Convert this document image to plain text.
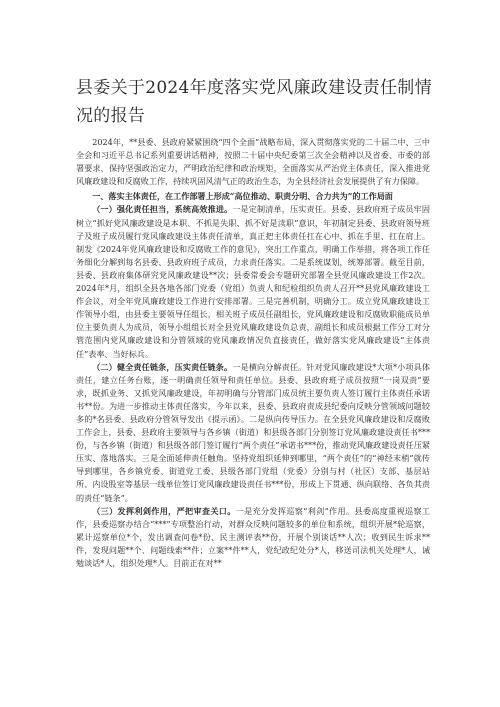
县委关于2024年度落实党风廉政建设责任制情况的报告

2024年，**县委、县政府紧紧围绕“四个全面”战略布局，深入贯彻落实党的二十届二中、三中全会和习近平总书记系列重要讲话精神，按照二十届中央纪委第三次全会精神以及省委、市委的部署要求，保持坚强政治定力，严明政治纪律和政治规矩，全面落实从严治党主体责任，深入推进党风廉政建设和反腐败工作，持续巩固风清气正的政治生态，为全县经济社会发展提供了有力保障。

一、落实主体责任，在工作部署上形成“高位推动、职责分明、合力共为”的工作局面

（一）强化责任担当，系统高效推进。一是定制清单，压实责任。县委、县政府班子成员牢固树立“抓好党风廉政建设是本职、不抓是失职、抓不好是渎职”意识，年初制定县委、县政府领导班子及班子成员履行党风廉政建设主体责任清单，真正把主体责任扛在心中、抓在手里、扛在肩上。制发《2024年党风廉政建设和反腐败工作的意见》，突出工作重点，明确工作举措，将各项工作任务细化分解到每名县委、县政府班子成员，力求责任落实。二是系统谋划，统筹部署。截至目前，县委、县政府集体研究党风廉政建设**次；县委常委会专题研究部署全县党风廉政建设工作2次。2024年*月，组织全县各地各部门党委（党组）负责人和纪检组织负责人召开**县党风廉政建设工作会议，对全年党风廉政建设工作进行安排部署。三是完善机制，明确分工。成立党风廉政建设工作领导小组，由县委主要领导任组长，相关班子成员任副组长，党风廉政建设和反腐败职能成员单位主要负责人为成员，领导小组组长对全县党风廉政建设负总责，副组长和成员根据工作分工对分管范围内党风廉政建设和分管领域的党风廉政情况负直接责任，做好落实党风廉政建设“主体责任”表率、当好标兵。

（二）健全责任链条，压实责任链条。一是横向分解责任。针对党风廉政建设*大项*小项具体责任，建立任务台账，逐一明确责任领导和责任单位。县委、县政府班子成员按照“一岗双责”要求，既抓业务、又抓党风廉政建设，年初明确与分管部门成员统主要负责人签订履行主体责任承诺书**份。为进一步推动主体责任落实，今年以来，县委、县政府责成县纪委向反映分管领域问题较多的*名县委、县政府分管领导发出《提示函》。二是纵向传导压力。在全县党风廉政建设和反腐败工作会上，县委、县政府主要领导与各乡镇（街道）和县级各部门分别签订党风廉政建设责任书***份，与各乡镇（街道）和县级各部门签订履行“两个责任”承诺书***份，推动党风廉政建设责任压紧压实、落地落实。三是全面延伸责任触角。坚持党组织延伸到哪里，“两个责任”的“神经末梢”就传导到哪里，各乡镇党委、街道党工委、县级各部门党组（党委）分别与村（社区）支部、基层站所、内设股室等基层一线单位签订党风廉政建设责任书***份，形成上下贯通、纵向联络、各负其责的责任“链条”。

（三）发挥利剑作用，严把审查关口。一是充分发挥巡察“利剑”作用。县委高度重视巡察工作，县委巡察办结合“***”专项整治行动，对群众反映问题较多的单位和系统，组织开展*轮巡察，累计巡察单位*个，发出调查问卷*份、民主测评表**份，开展个别谈话**人次；收到民生诉求**件，发现问题**个、问题线索**件；立案**件**人，党纪政纪处分*人，移送司法机关处理*人，诫勉谈话*人，组织处理*人。目前正在对**
